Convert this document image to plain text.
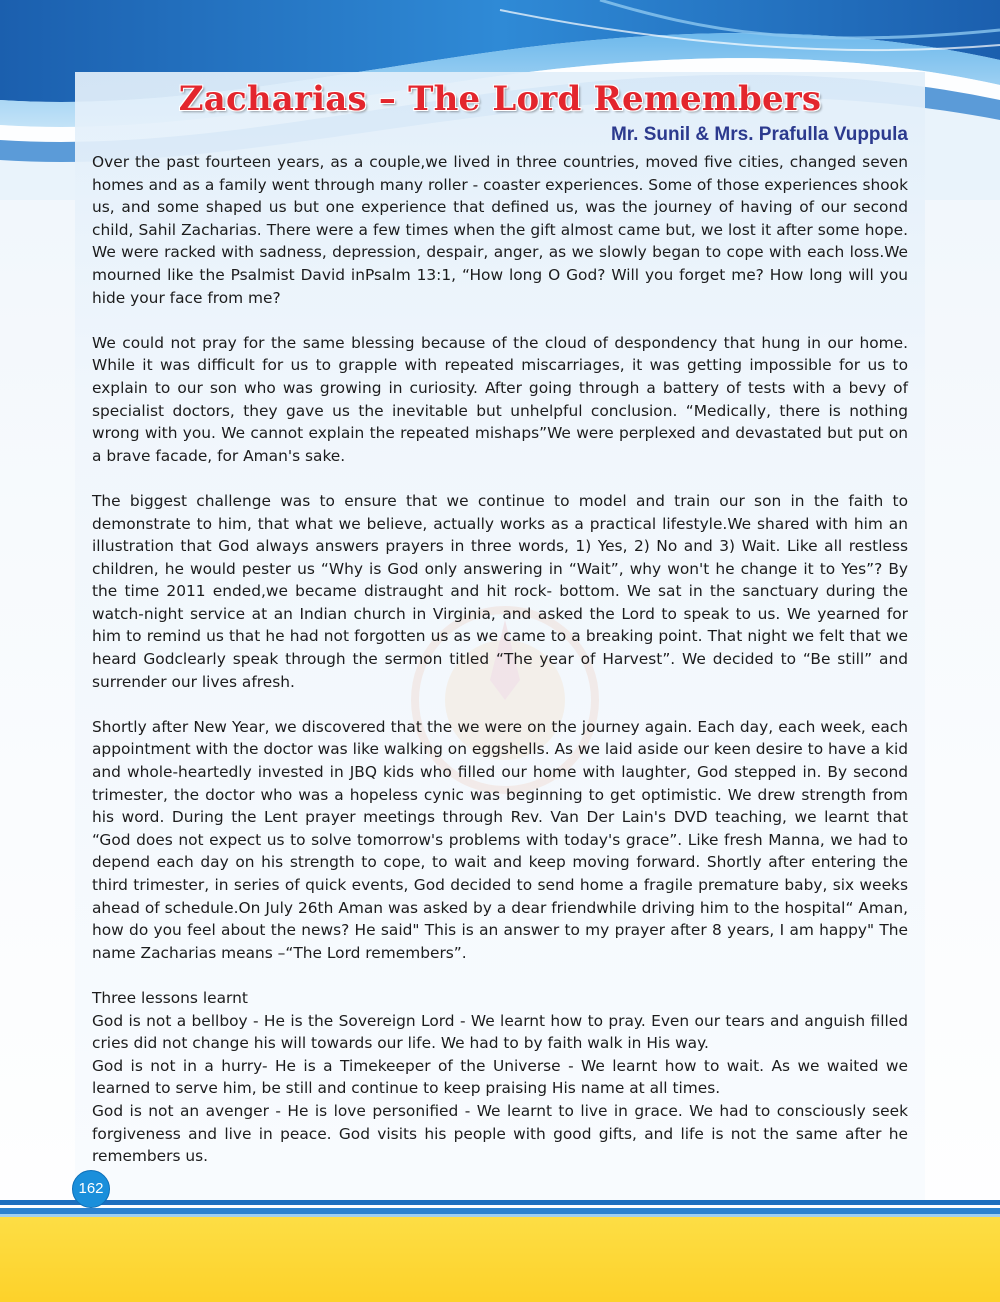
Zacharias – The Lord Remembers

Mr. Sunil & Mrs. Prafulla Vuppula

Over the past fourteen years, as a couple,we lived in three countries, moved five cities, changed seven homes and as a family went through many roller - coaster experiences. Some of those experiences shook us, and some shaped us but one experience that defined us, was the journey of having of our second child, Sahil Zacharias. There were a few times when the gift almost came but, we lost it after some hope. We were racked with sadness, depression, despair, anger, as we slowly began to cope with each loss.We mourned like the Psalmist David inPsalm 13:1, “How long O God? Will you forget me? How long will you hide your face from me?

We could not pray for the same blessing because of the cloud of despondency that hung in our home. While it was difficult for us to grapple with repeated miscarriages, it was getting impossible for us to explain to our son who was growing in curiosity. After going through a battery of tests with a bevy of specialist doctors, they gave us the inevitable but unhelpful conclusion. “Medically, there is nothing wrong with you. We cannot explain the repeated mishaps”We were perplexed and devastated but put on a brave facade, for Aman's sake.

The biggest challenge was to ensure that we continue to model and train our son in the faith to demonstrate to him, that what we believe, actually works as a practical lifestyle.We shared with him an illustration that God always answers prayers in three words, 1) Yes, 2) No and 3) Wait. Like all restless children, he would pester us “Why is God only answering in “Wait”, why won't he change it to Yes”? By the time 2011 ended,we became distraught and hit rock- bottom. We sat in the sanctuary during the watch-night service at an Indian church in Virginia, and asked the Lord to speak to us. We yearned for him to remind us that he had not forgotten us as we came to a breaking point. That night we felt that we heard Godclearly speak through the sermon titled “The year of Harvest”. We decided to “Be still” and surrender our lives afresh.

Shortly after New Year, we discovered that the we were on the journey again. Each day, each week, each appointment with the doctor was like walking on eggshells. As we laid aside our keen desire to have a kid and whole-heartedly invested in JBQ kids who filled our home with laughter, God stepped in. By second trimester, the doctor who was a hopeless cynic was beginning to get optimistic. We drew strength from his word. During the Lent prayer meetings through Rev. Van Der Lain's DVD teaching, we learnt that “God does not expect us to solve tomorrow's problems with today's grace”. Like fresh Manna, we had to depend each day on his strength to cope, to wait and keep moving forward. Shortly after entering the third trimester, in series of quick events, God decided to send home a fragile premature baby, six weeks ahead of schedule.On July 26th Aman was asked by a dear friendwhile driving him to the hospital“ Aman, how do you feel about the news? He said" This is an answer to my prayer after 8 years, I am happy" The name Zacharias means –“The Lord remembers”.

Three lessons learnt

God is not a bellboy - He is the Sovereign Lord - We learnt how to pray. Even our tears and anguish filled cries did not change his will towards our life. We had to by faith walk in His way.

God is not in a hurry- He is a Timekeeper of the Universe - We learnt how to wait. As we waited we learned to serve him, be still and continue to keep praising His name at all times.

God is not an avenger - He is love personified - We learnt to live in grace. We had to consciously seek forgiveness and live in peace. God visits his people with good gifts, and life is not the same after he remembers us.

162
